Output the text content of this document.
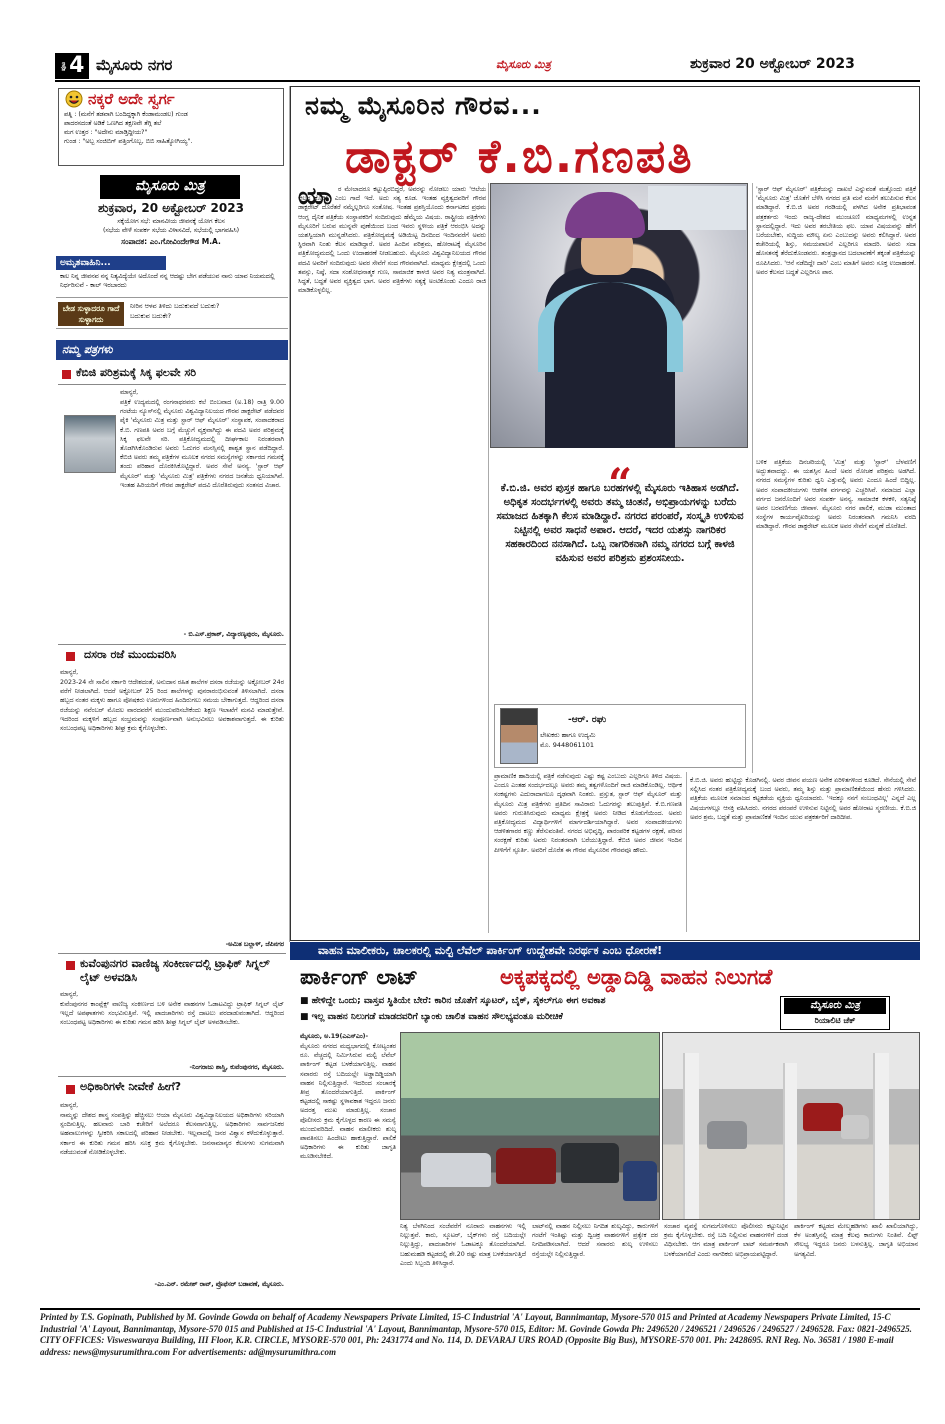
ಪುಟ 4 ಮೈಸೂರು ನಗರ	ಮೈಸೂರು ಮಿತ್ರ	ಶುಕ್ರವಾರ 20 ಅಕ್ಟೋಬರ್ 2023
ನಕ್ಕರೆ ಅದೇ ಸ್ವರ್ಗ
ಪತ್ನಿ : (ಮನೆಗೆ ತಡವಾಗಿ ಬಂದಿದ್ದಕ್ಕಾಗಿ ಕೆಂಡಾಮಂಡಲ) ಗುಂಡ
ಪಾದರಸದಂತೆ ಅಡಿಕೆ ಒಣಗಿದ ತಕ್ಷಣವೇ ತೆಗ್ಗಿ ತಲೆ
ಮಗ ಉತ್ತರ : "ಅದೇನು ಮಾಡ್ತಿದ್ದೀಯ?"
ಗುಂಡ : "ಅಬ್ಬ ಸಂಜಿಬಿಗ್ ಪತ್ತಿಂಗೊಬ್ಬ, ಬಿಬಿ ಸಾಹಿತ್ಯೋಗಿಯ್ಯ".
ಮೈಸೂರು ಮಿತ್ರ
ಶುಕ್ರವಾರ, 20 ಅಕ್ಟೋಬರ್ 2023
ಸಕ್ಕೆಯೋಗ ಸಭೆ: ಮಾನವೀಯ ಜೀವನಕ್ಕೆ ಯೋಗ ಕೆಲಸ
(ಸಭೆಯ ವೇಳೆ ಸಂಪರ್ಕ ಸಭೆಯ ವಿಳಾಸವಿದೆ, ಸಭೆಯಲ್ಲಿ ಭಾಗವಹಿಸಿ)
ಸಂಪಾದಕ: ಎಂ.ಗೋವಿಂದೇಗೌಡ M.A.
ಅಮೃತವಾಹಿನಿ...
ಕಾಲ ನಿನ್ನ ಜೀವನವ ನನ್ನ ನಿತ್ಯವಿದ್ಯೆಯೇ ಅದೊಂದೆ ನನ್ನ ಆದಷ್ಟು ಬೇಗ ಪಡೆಯುವ ನಾನು ಯಾವ ನಿಯಮದಲ್ಲಿ ನಿರ್ಧರಿಸುವೆ - ಕಾಲ್‌ ಇರಬಾರದು
ಬೇಡ ಸುಳ್ಳಾದರೂ ಗಾದೆ ಸುಳ್ಳಾಗದು
ನೀರಿನ ಆಳವ ತಿಳಿದು ಬದುಕುವದೆ ಬದುಕು?
ಬದುಕುವ ಬದುಕೇ?
ನಮ್ಮ ಪತ್ರಗಳು
ಕೆಬಿಜಿ ಪರಿಶ್ರಮಕ್ಕೆ ಸಿಕ್ಕ ಫಲವೇ ಸರಿ
ಮಾನ್ಯರೆ,
ಪತ್ರಿಕೆ ಉದ್ಯಮದಲ್ಲಿ ರಂಗನಾಥರವರು ಕಲೆ ಬಿಂಬವಾದ (ಅ.18) ರಾತ್ರಿ 9.00 ಗಂಟೆಯ ನ್ಯೂಸ್‌ನಲ್ಲಿ ಮೈಸೂರು ವಿಶ್ವವಿದ್ಯಾನಿಲಯದ ಗೌರವ ಡಾಕ್ಟರೇಟ್ ಪಡೆದವರ ಪೈಕಿ 'ಮೈಸೂರು ಮಿತ್ರ ಮತ್ತು ಸ್ಟಾರ್ ಆಫ್ ಮೈಸೂರ್' ಸಂಸ್ಥಾಪಕ, ಸಂಪಾದಕರಾದ ಕೆ.ಬಿ. ಗಣಪತಿ ಅವರ ಬಗ್ಗೆ ಮೆಚ್ಚುಗೆ ವ್ಯಕ್ತವಾಗಿದ್ದು ಈ ಪದವಿ ಅವರ ಪರಿಶ್ರಮಕ್ಕೆ ಸಿಕ್ಕ ಫಲವೇ ಸರಿ. ಪತ್ರಿಕೋದ್ಯಮದಲ್ಲಿ ದೀರ್ಘಕಾಲ ನಿರಂತರವಾಗಿ ತೊಡಗಿಸಿಕೊಂಡಿರುವ ಅವರು ಓದುಗರ ಮನಸ್ಸಿನಲ್ಲಿ ಶಾಶ್ವತ ಸ್ಥಾನ ಪಡೆದಿದ್ದಾರೆ. ಕೆಬಿಜಿ ಅವರು ತಮ್ಮ ಪತ್ರಿಕೆಗಳ ಮೂಲಕ ನಗರದ ಸಮಸ್ಯೆಗಳನ್ನು ಸರ್ಕಾರದ ಗಮನಕ್ಕೆ ತಂದು ಪರಿಹಾರ ದೊರಕಿಸಿಕೊಟ್ಟಿದ್ದಾರೆ. ಅವರ ಸೇವೆ ಅನನ್ಯ. 'ಸ್ಟಾರ್ ಆಫ್ ಮೈಸೂರ್' ಮತ್ತು 'ಮೈಸೂರು ಮಿತ್ರ' ಪತ್ರಿಕೆಗಳು ನಗರದ ಜನತೆಯ ಧ್ವನಿಯಾಗಿವೆ. ಇಂತಹ ಹಿರಿಯರಿಗೆ ಗೌರವ ಡಾಕ್ಟರೇಟ್ ಪದವಿ ದೊರೆತಿರುವುದು ಸಂತಸದ ವಿಚಾರ.
- ಬಿ.ಎಸ್.ಪ್ರಕಾಶ್, ವಿದ್ಯಾರಣ್ಯಪುರಂ, ಮೈಸೂರು.
ದಸರಾ ರಜೆ ಮುಂದುವರಿಸಿ
ಮಾನ್ಯರೆ,
2023-24 ನೇ ಸಾಲಿನ ಸರ್ಕಾರಿ ಆದೇಶದಂತೆ, ಅನುದಾನ ರಹಿತ ಶಾಲೆಗಳ ದಸರಾ ರಜೆಯನ್ನು ಅಕ್ಟೋಬರ್ 24ರ ವರೆಗೆ ನೀಡಲಾಗಿದೆ. ಆದರೆ ಅಕ್ಟೋಬರ್ 25 ರಿಂದ ಶಾಲೆಗಳನ್ನು ಪುನರಾರಂಭಿಸುವಂತೆ ತಿಳಿಸಲಾಗಿದೆ. ದಸರಾ ಹಬ್ಬದ ನಂತರ ಮಕ್ಕಳು ಹಾಗೂ ಪೋಷಕರು ಊರುಗಳಿಂದ ಹಿಂದಿರುಗಲು ಸಮಯ ಬೇಕಾಗುತ್ತದೆ. ಆದ್ದರಿಂದ ದಸರಾ ರಜೆಯನ್ನು ನವೆಂಬರ್ ಮೊದಲ ವಾರದವರೆಗೆ ಮುಂದುವರಿಸಬೇಕೆಂದು ಶಿಕ್ಷಣ ಇಲಾಖೆಗೆ ಮನವಿ ಮಾಡುತ್ತೇವೆ. ಇದರಿಂದ ಮಕ್ಕಳಿಗೆ ಹಬ್ಬದ ಸಂಭ್ರಮವನ್ನು ಸಂಪೂರ್ಣವಾಗಿ ಅನುಭವಿಸಲು ಅವಕಾಶವಾಗುತ್ತದೆ. ಈ ಕುರಿತು ಸಂಬಂಧಪಟ್ಟ ಅಧಿಕಾರಿಗಳು ಶೀಘ್ರ ಕ್ರಮ ಕೈಗೊಳ್ಳಬೇಕು.
-ಅಮಿತ ಬಲ್ಲಾಳ್, ಜೆಪಿನಗರ
ಕುವೆಂಪುನಗರ ವಾಣಿಜ್ಯ ಸಂಕೀರ್ಣದಲ್ಲಿ ಟ್ರಾಫಿಕ್ ಸಿಗ್ನಲ್ ಲೈಟ್ ಅಳವಡಿಸಿ
ಮಾನ್ಯರೆ,
ಕುವೆಂಪುನಗರ ಕಾಂಪ್ಲೆಕ್ಸ್ ವಾಣಿಜ್ಯ ಸಂಕೀರ್ಣದ ಬಳಿ ಅನೇಕ ವಾಹನಗಳ ಓಡಾಟವಿದ್ದು ಟ್ರಾಫಿಕ್ ಸಿಗ್ನಲ್ ಲೈಟ್ ಇಲ್ಲದೆ ಅಪಘಾತಗಳು ಸಂಭವಿಸುತ್ತಿವೆ. ಇಲ್ಲಿ ಪಾದಚಾರಿಗಳು ರಸ್ತೆ ದಾಟಲು ಪರದಾಡುವಂತಾಗಿದೆ. ಆದ್ದರಿಂದ ಸಂಬಂಧಪಟ್ಟ ಅಧಿಕಾರಿಗಳು ಈ ಕುರಿತು ಗಮನ ಹರಿಸಿ ಶೀಘ್ರ ಸಿಗ್ನಲ್ ಲೈಟ್ ಅಳವಡಿಸಬೇಕು.
-ನಿಂಗರಾಜು ಶಾಸ್ತ್ರಿ, ಕುವೆಂಪುನಗರ, ಮೈಸೂರು.
ಅಧಿಕಾರಿಗಳೇ ನೀವೇಕೆ ಹೀಗೆ?
ಮಾನ್ಯರೆ,
ನಾಮ್ಮನ್ನು ದೇಶದ ಶಾಸ್ತ್ರ ಸಂಪತ್ತಿನ್ನು ಹೆಚ್ಚಿಸಲು ಆಯಾ ಮೈಸೂರು ವಿಶ್ವವಿದ್ಯಾನಿಲಯದ ಅಧಿಕಾರಿಗಳು ಸರಿಯಾಗಿ ಸ್ಪಂದಿಸುತ್ತಿಲ್ಲ. ಹಲವಾರು ಬಾರಿ ಕಚೇರಿಗೆ ಅಲೆದರೂ ಕೆಲಸವಾಗುತ್ತಿಲ್ಲ. ಅಧಿಕಾರಿಗಳು ಸಾರ್ವಜನಿಕರ ಅಹವಾಲುಗಳನ್ನು ಸ್ವೀಕರಿಸಿ ಸಕಾಲದಲ್ಲಿ ಪರಿಹಾರ ನೀಡಬೇಕು. ಇಲ್ಲವಾದಲ್ಲಿ ಜನರ ವಿಶ್ವಾಸ ಕಳೆದುಕೊಳ್ಳುತ್ತಾರೆ. ಸರ್ಕಾರ ಈ ಕುರಿತು ಗಮನ ಹರಿಸಿ ಸೂಕ್ತ ಕ್ರಮ ಕೈಗೊಳ್ಳಬೇಕು. ಜನಸಾಮಾನ್ಯರ ಕೆಲಸಗಳು ಸುಗಮವಾಗಿ ನಡೆಯುವಂತೆ ನೋಡಿಕೊಳ್ಳಬೇಕು.
-ಎಂ.ಎನ್. ರಮೇಶ್ ರಾವ್, ಪ್ರೊಫೆಸರ್ ಬಡಾವಣೆ, ಮೈಸೂರು.
ನಮ್ಮ ಮೈಸೂರಿನ ಗೌರವ...
ಡಾಕ್ಟರ್ ಕೆ.ಬಿ.ಗಣಪತಿ
ಯಾ ರ ಮೇಲಾದರೂ ಕಟ್ಟುಪ್ಪಿರಬಿದ್ದರೆ, ಅವರನ್ನು ನೋಡಲು ಯಾರು 'ಆಲೆಯ ಆಲದ ಕೊಡಿಸಿ' ಎಂಬ ಗಾದೆ ಇದೆ. ಅದು ಸತ್ಯ ಕೂಡ. ಇಂತಹ ವ್ಯಕ್ತಿತ್ವದವರಿಗೆ ಗೌರವ ಡಾಕ್ಟರೇಟ್ ದೊರೆತರೆ ನಮ್ಮೆಲ್ಲರಿಗೂ ಸಂತೋಷ. ಇಂತಹ ಪ್ರಶಸ್ತಿಯೊಂದು ಕರ್ನಾಟಕದ ಪ್ರಥಮ ಆಂಗ್ಲ ದೈನಿಕ ಪತ್ರಿಕೆಯ ಸಂಸ್ಥಾಪಕರಿಗೆ ಸಂದಿರುವುದು ಹೆಮ್ಮೆಯ ವಿಷಯ. ರಾಷ್ಟ್ರೀಯ ಪತ್ರಿಕೆಗಳು ಮೈಸೂರಿಗೆ ಬರುವ ಮುನ್ನವೇ ಪುಣೆಯಿಂದ ಬಂದ ಇವರು ಸ್ಥಳೀಯ ಪತ್ರಿಕೆ ಆರಂಭಿಸಿ ಅದನ್ನು ಯಶಸ್ವಿಯಾಗಿ ಮುನ್ನಡೆಸಿದರು. ಪತ್ರಿಕೋದ್ಯಮಕ್ಕೆ ಅಡಿಯಿಟ್ಟ ದಿನದಿಂದ ಇಂದಿನವರೆಗೆ ಅವರು ಸ್ಥಿರವಾಗಿ ನಿಂತು ಕೆಲಸ ಮಾಡಿದ್ದಾರೆ. ಅವರ ಹಿಂದಿನ ಪರಿಶ್ರಮ, ಹೋರಾಟಕ್ಕೆ ಮೈಸೂರಿನ ಪತ್ರಿಕೋದ್ಯಮದಲ್ಲಿ ಒಂದು ಉದಾಹರಣೆ ನೀಡಬಹುದು. ಮೈಸೂರು ವಿಶ್ವವಿದ್ಯಾನಿಲಯದ ಗೌರವ ಪದವಿ ಅವರಿಗೆ ಸಂದಿರುವುದು ಅವರ ಸೇವೆಗೆ ಸಂದ ಗೌರವವಾಗಿದೆ. ಮಾಧ್ಯಮ ಕ್ಷೇತ್ರದಲ್ಲಿ ಒಂದು ತಪಸ್ಸು, ನಿಷ್ಠೆ, ಸದಾ ಸಂಶೋಧನಾತ್ಮಕ ಗುಣ, ಸಾಮಾಜಿಕ ಕಾಳಜಿ ಅವರ ನಿತ್ಯ ಮಂತ್ರವಾಗಿದೆ. ಸಿದ್ಧತೆ, ಬದ್ಧತೆ ಅವರ ವ್ಯಕ್ತಿತ್ವದ ಭಾಗ. ಅವರ ಪತ್ರಿಕೆಗಳು ಸತ್ಯಕ್ಕೆ ಅಂಟಿಕೊಂಡು ಎಂದೂ ರಾಜಿ ಮಾಡಿಕೊಳ್ಳಲಿಲ್ಲ.
“
ಕೆ.ಬಿ.ಜಿ. ಅವರ ಪುಸ್ತಕ ಹಾಗೂ ಬರಹಗಳಲ್ಲಿ ಮೈಸೂರು ಇತಿಹಾಸ ಅಡಗಿದೆ. ಅಧಿಕೃತ ಸಂದರ್ಭಗಳಲ್ಲಿ ಅವರು ತಮ್ಮ ಚಿಂತನೆ, ಅಭಿಪ್ರಾಯಗಳನ್ನು ಬರೆದು ಸಮಾಜದ ಹಿತಕ್ಕಾಗಿ ಕೆಲಸ ಮಾಡಿದ್ದಾರೆ. ನಗರದ ಪರಂಪರೆ, ಸಂಸ್ಕೃತಿ ಉಳಿಸುವ ನಿಟ್ಟಿನಲ್ಲಿ ಅವರ ಸಾಧನೆ ಅಪಾರ. ಆದರೆ, ಇದರ ಯಶಸ್ಸು ನಾಗರಿಕರ ಸಹಕಾರದಿಂದ ನನಸಾಗಿದೆ. ಒಬ್ಬ ನಾಗರಿಕನಾಗಿ ನಮ್ಮ ನಗರದ ಬಗ್ಗೆ ಕಾಳಜಿ ವಹಿಸುವ ಅವರ ಪರಿಶ್ರಮ ಪ್ರಶಂಸನೀಯ.
-ಆರ್. ರಘು
ಲೇಖಕರು ಹಾಗೂ ಉದ್ಯಮಿ
ಮೊ. 9448061101
ಪ್ರಾಮಾಣಿಕ ಹಾದಿಯಲ್ಲಿ ಪತ್ರಿಕೆ ನಡೆಸುವುದು ಎಷ್ಟು ಕಷ್ಟ ಎಂಬುದು ಎಲ್ಲರಿಗೂ ತಿಳಿದ ವಿಷಯ. ಎಂದೂ ಎಂತಹ ಸಂದರ್ಭದಲ್ಲೂ ಅವರು ತಮ್ಮ ತತ್ವಗಳೊಂದಿಗೆ ರಾಜಿ ಮಾಡಿಕೊಂಡಿಲ್ಲ. ಆರ್ಥಿಕ ಸಂಕಷ್ಟಗಳು ಎದುರಾದಾಗಲೂ ದೃಢವಾಗಿ ನಿಂತರು. ಪ್ರಸ್ತುತ, ಸ್ಟಾರ್ ಆಫ್ ಮೈಸೂರ್ ಮತ್ತು ಮೈಸೂರು ಮಿತ್ರ ಪತ್ರಿಕೆಗಳು ಪ್ರತಿದಿನ ಸಾವಿರಾರು ಓದುಗರನ್ನು ತಲುಪುತ್ತಿವೆ. ಕೆ.ಬಿ.ಗಣಪತಿ ಅವರು ಗುರುತಿಸಿರುವುದು ಮಾಧ್ಯಮ ಕ್ಷೇತ್ರಕ್ಕೆ ಅವರು ನೀಡಿದ ಕೊಡುಗೆಯಿಂದ. ಅವರು ಪತ್ರಿಕೋದ್ಯಮದ ವಿದ್ಯಾರ್ಥಿಗಳಿಗೆ ಮಾರ್ಗದರ್ಶಿಯಾಗಿದ್ದಾರೆ. ಅವರ ಸಂಪಾದಕೀಯಗಳು ಆಡಳಿತಗಾರರ ಕಣ್ಣು ತೆರೆಸುವಂತಿವೆ. ನಗರದ ಅಭಿವೃದ್ಧಿ, ಪಾರಂಪರಿಕ ಕಟ್ಟಡಗಳ ರಕ್ಷಣೆ, ಪರಿಸರ ಸಂರಕ್ಷಣೆ ಕುರಿತು ಅವರು ನಿರಂತರವಾಗಿ ಬರೆಯುತ್ತಿದ್ದಾರೆ. ಕೆಬಿಜಿ ಅವರ ಜೀವನ ಇಂದಿನ ಪೀಳಿಗೆಗೆ ಸ್ಫೂರ್ತಿ. ಅವರಿಗೆ ದೊರೆತ ಈ ಗೌರವ ಮೈಸೂರಿನ ಗೌರವವೂ ಹೌದು.
'ಸ್ಟಾರ್ ಆಫ್ ಮೈಸೂರ್' ಪತ್ರಿಕೆಯನ್ನು ದಾಖಲೆ ಎನ್ನುವಂತೆ ಮತ್ತೊಂದು ಪತ್ರಿಕೆ 'ಮೈಸೂರು ಮಿತ್ರ' ಜೊತೆಗೆ ಬೆಳೆಸಿ ನಗರದ ಪ್ರತಿ ಮನೆ ಮನೆಗೆ ತಲುಪಿಸುವ ಕೆಲಸ ಮಾಡಿದ್ದಾರೆ. ಕೆ.ಬಿ.ಜಿ ಅವರ ಗರಡಿಯಲ್ಲಿ ಪಳಗಿದ ಅನೇಕ ಪ್ರತಿಭಾವಂತ ಪತ್ರಕರ್ತರು ಇಂದು ರಾಜ್ಯ-ದೇಶದ ಮುಂಚೂಣಿ ಮಾಧ್ಯಮಗಳಲ್ಲಿ ಉನ್ನತ ಸ್ಥಾನದಲ್ಲಿದ್ದಾರೆ. ಇದು ಅವರ ತರಬೇತಿಯ ಫಲ. ಯಾವ ವಿಷಯವನ್ನು ಹೇಗೆ ಬರೆಯಬೇಕು, ಸುದ್ದಿಯ ಮೌಲ್ಯ ಏನು ಎಂಬುದನ್ನು ಅವರು ಕಲಿಸಿದ್ದಾರೆ. ಅವರ ಕಚೇರಿಯಲ್ಲಿ ಶಿಸ್ತು, ಸಮಯಪಾಲನೆ ಎಲ್ಲರಿಗೂ ಮಾದರಿ. ಅವರು ಸದಾ ಹೊಸತನಕ್ಕೆ ತೆರೆದುಕೊಂಡವರು. ತಂತ್ರಜ್ಞಾನದ ಬದಲಾವಣೆಗೆ ತಕ್ಕಂತೆ ಪತ್ರಿಕೆಯನ್ನು ರೂಪಿಸಿದರು. 'ಆನೆ ನಡೆದಿದ್ದೇ ದಾರಿ' ಎಂಬ ಮಾತಿಗೆ ಅವರು ಸೂಕ್ತ ಉದಾಹರಣೆ. ಅವರ ಕೆಲಸದ ಬದ್ಧತೆ ಎಲ್ಲರಿಗೂ ಪಾಠ.
ಬಳಿಕ ಪತ್ರಿಕೆಯ ದಿನಚರಿಯಲ್ಲಿ 'ಮಿತ್ರ' ಮತ್ತು 'ಸ್ಟಾರ್' ಬೆಳವಣಿಗೆ ಅದ್ಭುತವಾದದ್ದು. ಈ ಯಶಸ್ಸಿನ ಹಿಂದೆ ಅವರ ರೋಚಕ ಪರಿಶ್ರಮ ಅಡಗಿದೆ. ನಗರದ ಸಮಸ್ಯೆಗಳ ಕುರಿತು ಧ್ವನಿ ಎತ್ತುವಲ್ಲಿ ಅವರು ಎಂದೂ ಹಿಂದೆ ಬಿದ್ದಿಲ್ಲ. ಅವರ ಸಂಪಾದಕೀಯಗಳು ಆಡಳಿತ ವರ್ಗವನ್ನು ಎಚ್ಚರಿಸಿವೆ. ಸಮಾಜದ ಎಲ್ಲಾ ವರ್ಗದ ಜನರೊಂದಿಗೆ ಅವರ ಸಂಪರ್ಕ ಅನನ್ಯ. ಸಾಮಾಜಿಕ ಕಳಕಳಿ, ಸತ್ಯನಿಷ್ಠೆ ಅವರ ಬರವಣಿಗೆಯ ಜೀವಾಳ. ಮೈಸೂರು ನಗರ ಪಾಲಿಕೆ, ಮುಡಾ ಮುಂತಾದ ಸಂಸ್ಥೆಗಳ ಕಾರ್ಯವೈಖರಿಯನ್ನು ಅವರು ನಿರಂತರವಾಗಿ ಗಮನಿಸಿ ವರದಿ ಮಾಡಿದ್ದಾರೆ. ಗೌರವ ಡಾಕ್ಟರೇಟ್ ಮೂಲಕ ಅವರ ಸೇವೆಗೆ ಮನ್ನಣೆ ದೊರೆತಿದೆ.
ಕೆ.ಬಿ.ಜಿ. ಅವರು ಹುಟ್ಟಿದ್ದು ಕೊಡಗಿನಲ್ಲಿ. ಅವರ ಜೀವನ ಪಯಣ ಅನೇಕ ಏರಿಳಿತಗಳಿಂದ ಕೂಡಿದೆ. ಸೇನೆಯಲ್ಲಿ ಸೇವೆ ಸಲ್ಲಿಸಿದ ನಂತರ ಪತ್ರಿಕೋದ್ಯಮಕ್ಕೆ ಬಂದ ಅವರು, ತಮ್ಮ ಶಿಸ್ತು ಮತ್ತು ಪ್ರಾಮಾಣಿಕತೆಯಿಂದ ಹೆಸರು ಗಳಿಸಿದರು. ಪತ್ರಿಕೆಯ ಮೂಲಕ ಸಮಾಜದ ಕಟ್ಟಕಡೆಯ ವ್ಯಕ್ತಿಯ ಧ್ವನಿಯಾದರು. 'ಇದಕ್ಕೂ ನನಗೆ ಸಂಬಂಧವಿಲ್ಲ' ಎನ್ನದೆ ಎಲ್ಲ ವಿಷಯಗಳಲ್ಲೂ ಆಸಕ್ತಿ ವಹಿಸಿದರು. ನಗರದ ಪರಂಪರೆ ಉಳಿಸುವ ನಿಟ್ಟಿನಲ್ಲಿ ಅವರ ಹೋರಾಟ ಸ್ಮರಣೀಯ. ಕೆ.ಬಿ.ಜಿ ಅವರ ಶ್ರಮ, ಬದ್ಧತೆ ಮತ್ತು ಪ್ರಾಮಾಣಿಕತೆ ಇಂದಿನ ಯುವ ಪತ್ರಕರ್ತರಿಗೆ ದಾರಿದೀಪ.
ವಾಹನ ಮಾಲೀಕರು, ಚಾಲಕರಲ್ಲಿ ಮಲ್ಟಿ ಲೆವೆಲ್ ಪಾರ್ಕಿಂಗ್ ಉದ್ದೇಶವೇ ನಿರರ್ಥಕ ಎಂಬ ಧೋರಣೆ!
ಪಾರ್ಕಿಂಗ್ ಲಾಟ್	ಅಕ್ಕಪಕ್ಕದಲ್ಲಿ ಅಡ್ಡಾದಿಡ್ಡಿ ವಾಹನ ನಿಲುಗಡೆ
■ ಹೇಳಿದ್ದೇ ಒಂದು; ವಾಸ್ತವ ಸ್ಥಿತಿಯೇ ಬೇರೆ: ಕಾರಿನ ಜೊತೆಗೆ ಸ್ಕೂಟರ್, ಬೈಕ್, ಸೈಕಲ್‌ಗೂ ಈಗ ಅವಕಾಶ
■ ಇಲ್ಲ ವಾಹನ ನಿಲುಗಡೆ ಮಾಡದವರಿಗೆ ಬ್ಯಾಂಕು ಚಾಲಿತ ವಾಹನ ಸೌಲಭ್ಯವಂತೂ ಮರೀಚಿಕೆ
ಮೈಸೂರು ಮಿತ್ರ
ರಿಯಾಲಿಟಿ ಚೆಕ್
ಮೈಸೂರು, ಅ.19(ಎಎಸ್‌ಎಂ)-
ಮೈಸೂರು ನಗರದ ಮಧ್ಯಭಾಗದಲ್ಲಿ ಕೋಟ್ಯಂತರ ರೂ. ವೆಚ್ಚದಲ್ಲಿ ನಿರ್ಮಿಸಿರುವ ಮಲ್ಟಿ ಲೆವೆಲ್ ಪಾರ್ಕಿಂಗ್ ಕಟ್ಟಡ ಬಳಕೆಯಾಗುತ್ತಿಲ್ಲ. ವಾಹನ ಸವಾರರು ರಸ್ತೆ ಬದಿಯಲ್ಲೇ ಅಡ್ಡಾದಿಡ್ಡಿಯಾಗಿ ವಾಹನ ನಿಲ್ಲಿಸುತ್ತಿದ್ದಾರೆ. ಇದರಿಂದ ಸಂಚಾರಕ್ಕೆ ತೀವ್ರ ತೊಂದರೆಯಾಗುತ್ತಿದೆ. ಪಾರ್ಕಿಂಗ್ ಕಟ್ಟಡದಲ್ಲಿ ಸಾಕಷ್ಟು ಸ್ಥಳಾವಕಾಶ ಇದ್ದರೂ ಜನರು ಅದರತ್ತ ಮುಖ ಮಾಡುತ್ತಿಲ್ಲ. ಸಂಚಾರ ಪೊಲೀಸರು ಕ್ರಮ ಕೈಗೊಳ್ಳದ ಕಾರಣ ಈ ಸಮಸ್ಯೆ ಮುಂದುವರಿದಿದೆ. ವಾಹನ ಮಾಲೀಕರು ಶುಲ್ಕ ಪಾವತಿಸಲು ಹಿಂದೇಟು ಹಾಕುತ್ತಿದ್ದಾರೆ. ಪಾಲಿಕೆ ಅಧಿಕಾರಿಗಳು ಈ ಕುರಿತು ಜಾಗೃತಿ ಮೂಡಿಸಬೇಕಿದೆ.
ನಿತ್ಯ ಬೆಳಗಿನಿಂದ ಸಂಜೆವರೆಗೆ ನೂರಾರು ವಾಹನಗಳು ಇಲ್ಲಿ ನಿಲ್ಲುತ್ತವೆ. ಕಾರು, ಸ್ಕೂಟರ್, ಬೈಕ್‌ಗಳು ರಸ್ತೆ ಬದಿಯಲ್ಲೇ ನಿಲ್ಲುತ್ತಿದ್ದು, ಪಾದಚಾರಿಗಳ ಓಡಾಟಕ್ಕೂ ತೊಂದರೆಯಾಗಿದೆ. ಬಹುಮಹಡಿ ಕಟ್ಟಡದಲ್ಲಿ ಶೇ.20 ರಷ್ಟು ಮಾತ್ರ ಬಳಕೆಯಾಗುತ್ತಿದೆ ಎಂದು ಸಿಬ್ಬಂದಿ ತಿಳಿಸಿದ್ದಾರೆ.
ಲಾಟ್‌ನಲ್ಲಿ ವಾಹನ ನಿಲ್ಲಿಸಲು ನಿಗದಿತ ಶುಲ್ಕವಿದ್ದು, ಕಾರುಗಳಿಗೆ ಗಂಟೆಗೆ ಇಂತಿಷ್ಟು ಮತ್ತು ದ್ವಿಚಕ್ರ ವಾಹನಗಳಿಗೆ ಪ್ರತ್ಯೇಕ ದರ ನಿಗದಿಪಡಿಸಲಾಗಿದೆ. ಆದರೆ ಸವಾರರು ಶುಲ್ಕ ಉಳಿಸಲು ರಸ್ತೆಯಲ್ಲೇ ನಿಲ್ಲಿಸುತ್ತಿದ್ದಾರೆ.
ಸಂಚಾರ ವ್ಯವಸ್ಥೆ ಸುಗಮಗೊಳಿಸಲು ಪೊಲೀಸರು ಕಟ್ಟುನಿಟ್ಟಿನ ಕ್ರಮ ಕೈಗೊಳ್ಳಬೇಕು. ರಸ್ತೆ ಬದಿ ನಿಲ್ಲಿಸುವ ವಾಹನಗಳಿಗೆ ದಂಡ ವಿಧಿಸಬೇಕು. ಆಗ ಮಾತ್ರ ಪಾರ್ಕಿಂಗ್ ಲಾಟ್ ಸಮರ್ಪಕವಾಗಿ ಬಳಕೆಯಾಗಲಿದೆ ಎಂದು ನಾಗರಿಕರು ಅಭಿಪ್ರಾಯಪಟ್ಟಿದ್ದಾರೆ.
ಪಾರ್ಕಿಂಗ್ ಕಟ್ಟಡದ ಮೇಲ್ಮಹಡಿಗಳು ಖಾಲಿ ಖಾಲಿಯಾಗಿದ್ದು, ಕೆಳ ಅಂತಸ್ತಿನಲ್ಲಿ ಮಾತ್ರ ಕೆಲವು ಕಾರುಗಳು ನಿಂತಿವೆ. ಲಿಫ್ಟ್ ಸೌಲಭ್ಯ ಇದ್ದರೂ ಜನರು ಬಳಸುತ್ತಿಲ್ಲ. ಜಾಗೃತಿ ಅಭಿಯಾನ ಅಗತ್ಯವಿದೆ.
Printed by T.S. Gopinath, Published by M. Govinde Gowda on behalf of Academy Newspapers Private Limited, 15-C Industrial 'A' Layout, Bannimantap, Mysore-570 015 and Printed at Academy Newspapers Private Limited, 15-C Industrial 'A' Layout, Bannimantap, Mysore-570 015 and Published at 15-C Industrial 'A' Layout, Bannimantap, Mysore-570 015, Editor: M. Govinde Gowda Ph: 2496520 / 2496521 / 2496526 / 2496527 / 2496528. Fax: 0821-2496525. CITY OFFICES: Visweswaraya Building, III Floor, K.R. CIRCLE, MYSORE-570 001, Ph: 2431774 and No. 114, D. DEVARAJ URS ROAD (Opposite Big Bus), MYSORE-570 001. Ph: 2428695. RNI Reg. No. 36581 / 1980 E-mail address: news@mysurumithra.com For advertisements: ad@mysurumithra.com
